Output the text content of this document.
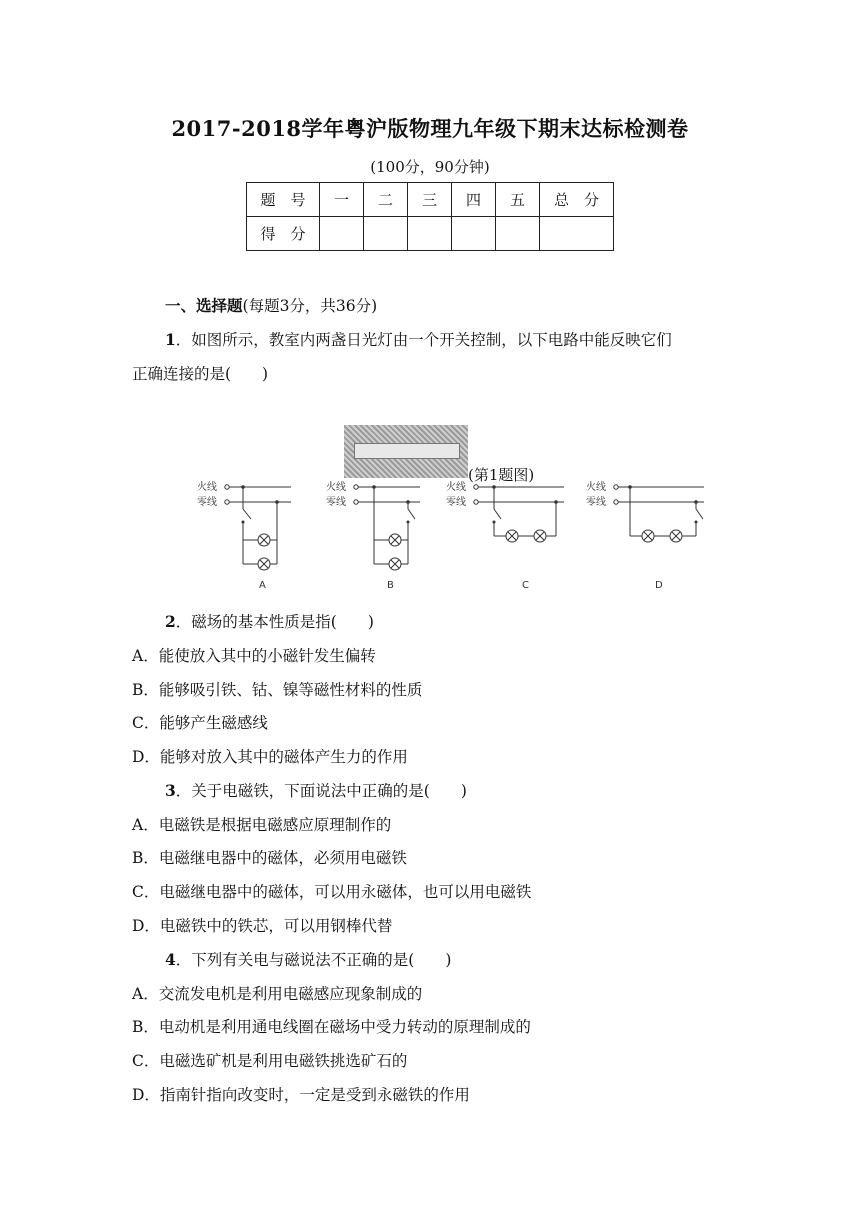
2017-2018学年粤沪版物理九年级下期末达标检测卷
(100分，90分钟)
题　号	一	二	三	四	五	总　分
得　分						
一、选择题(每题3分，共36分)
1．如图所示，教室内两盏日光灯由一个开关控制，以下电路中能反映它们
正确连接的是(　　)
(第1题图)
火线
零线
A
火线
零线
B
火线
零线
C
火线
零线
D
2．磁场的基本性质是指(　　)
A．能使放入其中的小磁针发生偏转
B．能够吸引铁、钴、镍等磁性材料的性质
C．能够产生磁感线
D．能够对放入其中的磁体产生力的作用
3．关于电磁铁，下面说法中正确的是(　　)
A．电磁铁是根据电磁感应原理制作的
B．电磁继电器中的磁体，必须用电磁铁
C．电磁继电器中的磁体，可以用永磁体，也可以用电磁铁
D．电磁铁中的铁芯，可以用钢棒代替
4．下列有关电与磁说法不正确的是(　　)
A．交流发电机是利用电磁感应现象制成的
B．电动机是利用通电线圈在磁场中受力转动的原理制成的
C．电磁选矿机是利用电磁铁挑选矿石的
D．指南针指向改变时，一定是受到永磁铁的作用
